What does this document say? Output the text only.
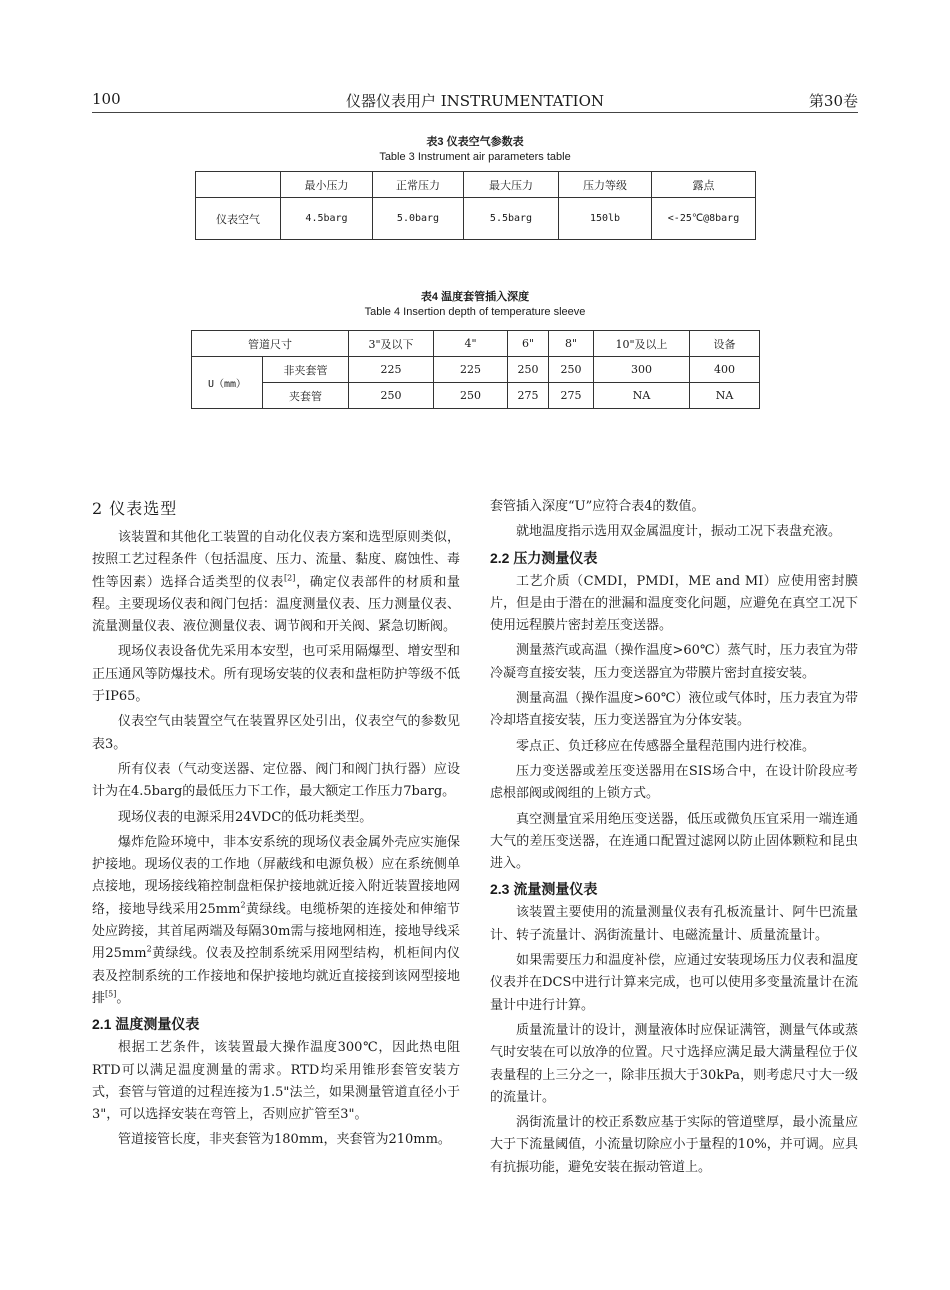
100	仪器仪表用户 INSTRUMENTATION	第30卷
表3 仪表空气参数表
Table 3 Instrument air parameters table
	最小压力	正常压力	最大压力	压力等级	露点
仪表空气	4.5barg	5.0barg	5.5barg	150lb	<-25℃@8barg
表4 温度套管插入深度
Table 4 Insertion depth of temperature sleeve
管道尺寸		3"及以下	4"	6"	8"	10"及以上	设备
U（mm）	非夹套管	225	225	250	250	300	400
	夹套管	250	250	275	275	NA	NA
2 仪表选型

该装置和其他化工装置的自动化仪表方案和选型原则类似，按照工艺过程条件（包括温度、压力、流量、黏度、腐蚀性、毒性等因素）选择合适类型的仪表[2]，确定仪表部件的材质和量程。主要现场仪表和阀门包括：温度测量仪表、压力测量仪表、流量测量仪表、液位测量仪表、调节阀和开关阀、紧急切断阀。

现场仪表设备优先采用本安型，也可采用隔爆型、增安型和正压通风等防爆技术。所有现场安装的仪表和盘柜防护等级不低于IP65。

仪表空气由装置空气在装置界区处引出，仪表空气的参数见表3。

所有仪表（气动变送器、定位器、阀门和阀门执行器）应设计为在4.5barg的最低压力下工作，最大额定工作压力7barg。

现场仪表的电源采用24VDC的低功耗类型。

爆炸危险环境中，非本安系统的现场仪表金属外壳应实施保护接地。现场仪表的工作地（屏蔽线和电源负极）应在系统侧单点接地，现场接线箱控制盘柜保护接地就近接入附近装置接地网络，接地导线采用$25mm^2$黄绿线。电缆桥架的连接处和伸缩节处应跨接，其首尾两端及每隔30m需与接地网相连，接地导线采用$25mm^2$黄绿线。仪表及控制系统采用网型结构，机柜间内仪表及控制系统的工作接地和保护接地均就近直接接到该网型接地排[5]。

2.1 温度测量仪表

根据工艺条件，该装置最大操作温度300℃，因此热电阻RTD可以满足温度测量的需求。RTD均采用锥形套管安装方式，套管与管道的过程连接为1.5"法兰，如果测量管道直径小于3"，可以选择安装在弯管上，否则应扩管至3"。

管道接管长度，非夹套管为180mm，夹套管为210mm。

套管插入深度“U”应符合表4的数值。

就地温度指示选用双金属温度计，振动工况下表盘充液。

2.2 压力测量仪表

工艺介质（CMDI，PMDI，ME and MI）应使用密封膜片，但是由于潜在的泄漏和温度变化问题，应避免在真空工况下使用远程膜片密封差压变送器。

测量蒸汽或高温（操作温度>60℃）蒸气时，压力表宜为带冷凝弯直接安装，压力变送器宜为带膜片密封直接安装。

测量高温（操作温度>60℃）液位或气体时，压力表宜为带冷却塔直接安装，压力变送器宜为分体安装。

零点正、负迁移应在传感器全量程范围内进行校准。

压力变送器或差压变送器用在SIS场合中，在设计阶段应考虑根部阀或阀组的上锁方式。

真空测量宜采用绝压变送器，低压或微负压宜采用一端连通大气的差压变送器，在连通口配置过滤网以防止固体颗粒和昆虫进入。

2.3 流量测量仪表

该装置主要使用的流量测量仪表有孔板流量计、阿牛巴流量计、转子流量计、涡街流量计、电磁流量计、质量流量计。

如果需要压力和温度补偿，应通过安装现场压力仪表和温度仪表并在DCS中进行计算来完成，也可以使用多变量流量计在流量计中进行计算。

质量流量计的设计，测量液体时应保证满管，测量气体或蒸气时安装在可以放净的位置。尺寸选择应满足最大满量程位于仪表量程的上三分之一，除非压损大于30kPa，则考虑尺寸大一级的流量计。

涡街流量计的校正系数应基于实际的管道壁厚，最小流量应大于下流量阈值，小流量切除应小于量程的10%，并可调。应具有抗振功能，避免安装在振动管道上。
